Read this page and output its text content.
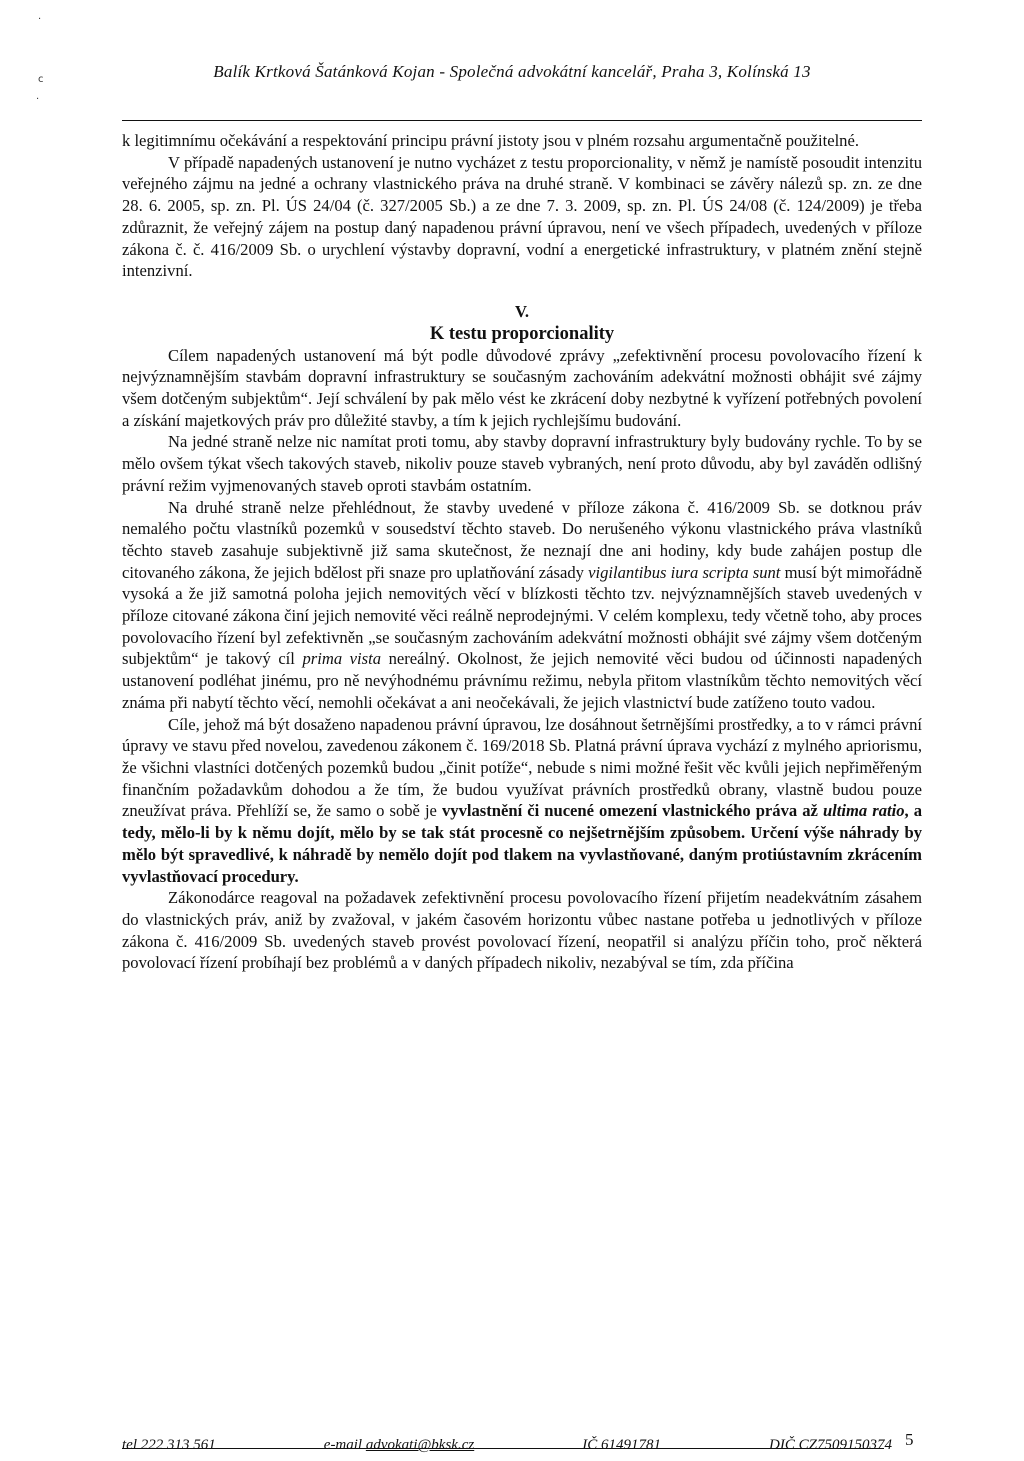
·
c
·
Balík Krtková Šatánková Kojan - Společná advokátní kancelář, Praha 3, Kolínská 13

k legitimnímu očekávání a respektování principu právní jistoty jsou v plném rozsahu argumentačně použitelné.

V případě napadených ustanovení je nutno vycházet z testu proporcionality, v němž je namístě posoudit intenzitu veřejného zájmu na jedné a ochrany vlastnického práva na druhé straně. V kombinaci se závěry nálezů sp. zn. ze dne 28. 6. 2005, sp. zn. Pl. ÚS 24/04 (č. 327/2005 Sb.) a ze dne 7. 3. 2009, sp. zn. Pl. ÚS 24/08 (č. 124/2009) je třeba zdůraznit, že veřejný zájem na postup daný napadenou právní úpravou, není ve všech případech, uvedených v příloze zákona č. č. 416/2009 Sb. o urychlení výstavby dopravní, vodní a energetické infrastruktury, v platném znění stejně intenzivní.

V.

K testu proporcionality

Cílem napadených ustanovení má být podle důvodové zprávy „zefektivnění procesu povolovacího řízení k nejvýznamnějším stavbám dopravní infrastruktury se současným zachováním adekvátní možnosti obhájit své zájmy všem dotčeným subjektům“. Její schválení by pak mělo vést ke zkrácení doby nezbytné k vyřízení potřebných povolení a získání majetkových práv pro důležité stavby, a tím k jejich rychlejšímu budování.

Na jedné straně nelze nic namítat proti tomu, aby stavby dopravní infrastruktury byly budovány rychle. To by se mělo ovšem týkat všech takových staveb, nikoliv pouze staveb vybraných, není proto důvodu, aby byl zaváděn odlišný právní režim vyjmenovaných staveb oproti stavbám ostatním.

Na druhé straně nelze přehlédnout, že stavby uvedené v příloze zákona č. 416/2009 Sb. se dotknou práv nemalého počtu vlastníků pozemků v sousedství těchto staveb. Do nerušeného výkonu vlastnického práva vlastníků těchto staveb zasahuje subjektivně již sama skutečnost, že neznají dne ani hodiny, kdy bude zahájen postup dle citovaného zákona, že jejich bdělost při snaze pro uplatňování zásady vigilantibus iura scripta sunt musí být mimořádně vysoká a že již samotná poloha jejich nemovitých věcí v blízkosti těchto tzv. nejvýznamnějších staveb uvedených v příloze citované zákona činí jejich nemovité věci reálně neprodejnými. V celém komplexu, tedy včetně toho, aby proces povolovacího řízení byl zefektivněn „se současným zachováním adekvátní možnosti obhájit své zájmy všem dotčeným subjektům“ je takový cíl prima vista nereálný. Okolnost, že jejich nemovité věci budou od účinnosti napadených ustanovení podléhat jinému, pro ně nevýhodnému právnímu režimu, nebyla přitom vlastníkům těchto nemovitých věcí známa při nabytí těchto věcí, nemohli očekávat a ani neočekávali, že jejich vlastnictví bude zatíženo touto vadou.

Cíle, jehož má být dosaženo napadenou právní úpravou, lze dosáhnout šetrnějšími prostředky, a to v rámci právní úpravy ve stavu před novelou, zavedenou zákonem č. 169/2018 Sb. Platná právní úprava vychází z mylného apriorismu, že všichni vlastníci dotčených pozemků budou „činit potíže“, nebude s nimi možné řešit věc kvůli jejich nepřiměřeným finančním požadavkům dohodou a že tím, že budou využívat právních prostředků obrany, vlastně budou pouze zneužívat práva. Přehlíží se, že samo o sobě je vyvlastnění či nucené omezení vlastnického práva až ultima ratio, a tedy, mělo-li by k němu dojít, mělo by se tak stát procesně co nejšetrnějším způsobem. Určení výše náhrady by mělo být spravedlivé, k náhradě by nemělo dojít pod tlakem na vyvlastňované, daným protiústavním zkrácením vyvlastňovací procedury.

Zákonodárce reagoval na požadavek zefektivnění procesu povolovacího řízení přijetím neadekvátním zásahem do vlastnických práv, aniž by zvažoval, v jakém časovém horizontu vůbec nastane potřeba u jednotlivých v příloze zákona č. 416/2009 Sb. uvedených staveb provést povolovací řízení, neopatřil si analýzu příčin toho, proč některá povolovací řízení probíhají bez problémů a v daných případech nikoliv, nezabýval se tím, zda příčina

5
tel 222 313 561	e-mail advokati@bksk.cz	IČ 61491781	DIČ CZ7509150374
